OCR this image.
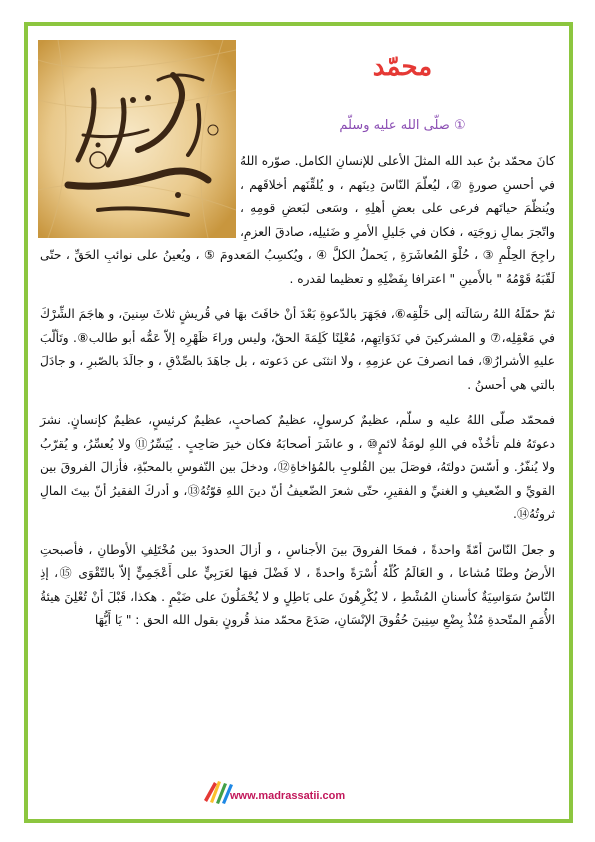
محمّد
صلّى الله عليه وسلّم ①

كانَ محمّد بنُ عبد الله المثلَ الأعلى للإنسانِ الكامل. صوّره اللهُ في أحسنِ صورةٍ ②، ليُعلّمَ النّاسَ دِينَهم ، و يُلقِّنَهم أخلاقَهم ، ويُنظّمَ حياتَهم فرعى على بعضِ أهلِهِ ، وسَعى لبَعضِ قومِهِ ، واتّجرَ بمالِ زوجَتِه ، فكان في جَليلِ الأمرِ و ضَئيلِه، صادقَ العزمِ، راجِحَ الحِلْمِ ③ ، حُلْوَ المُعاشَرَةِ , يَحملُ الكلَّ ④ ، ويُكسِبُ المَعدومَ ⑤ ، ويُعينُ على نوائبِ الحَقِّ ، حتّى لَقّبَهُ قَوْمُهُ " بالأَمينِ " اعترافا بِفَضْلِهِ و تعظيما لقدره .

ثمّ حمّلَهُ اللهُ رسَالَته إلى خَلْقِه⑥، فجَهَرَ بالدّعوةِ بَعْدَ أنْ خافَتَ بهَا في قُريشٍ ثلاثَ سِنينَ، و هاجَمَ الشِّرْكَ في مَعْقِلِه،⑦ و المشركينَ في نَدَوَاتِهِم، مُعْلِنًا كَلِمَةَ الحقّ، وليس وراءَ ظَهْرِه إلاّ عَمُّه أبو طالب⑧. وتَألّبَ عليهِ الأشرارُ⑨، فما انصرفَ عن عزمِهِ ، ولا انثنَى عن دَعوته ، بل جاهَدَ بالصِّدْقِ ، و جالَدَ بالصّبرِ ، و جادَلَ بالتي هي أحسنُ .

فمحمّد صلّى اللهُ عليه و سلّم، عظيمٌ كرسولٍ، عظيمٌ كصاحبٍ، عظيمٌ كرئيسٍ، عظيمٌ كإنسانٍ. نشرَ دعوتَهُ فلم تأخُذْه في اللهِ لومَةُ لائمٍ⑩ ، و عاشَرَ أصحابَهُ فكان خيرَ صَاحِبٍ . يُيَسِّرُ⑪ ولا يُعسِّرُ، و يُقرّبُ ولا يُنفّرُ. و أسّسَ دولتَهُ، فوصَلَ بين القُلوبِ بالمُؤاخاةِ⑫، ودخلَ بين النّفوسِ بالمحبّةِ، فأزالَ الفروقَ بين القويِّ و الضّعيفِ و الغنيِّ و الفقيرِ، حتّى شعرَ الضّعيفُ أنّ دينَ اللهِ قوّتُهُ⑬، و أدركَ الفقيرُ أنّ بيتَ المالِ ثروتُهُ⑭.

و جعلَ النّاسَ أمّةً واحدةً ، فمحَا الفروقَ بينَ الأجناسِ ، و أزالَ الحدودَ بين مُخْتَلِفِ الأوطانِ ، فأصبحتِ الأرضُ وطنًا مُشاعا ، و العَالَمُ كُلّهُ أُسْرَةً واحدةً ، لا فَضْلَ فيهَا لعَرَبِيٍّ على أَعْجَمِيٍّ إلاّ بالتّقْوَى ⑮، إذِ النّاسُ سَوَاسِيَةٌ كأسنانِ المُشْطِ ، لا يُكْرِهُونَ على بَاطِلٍ و لا يُحْمَلُونَ على ضَيْمٍ . هكذا، قَبْلَ أنْ تُعْلِنَ هيئةُ الأُمَمِ المتّحدةِ مُنْذُ بِضْعِ سِنِينَ حُقُوقَ الإنْسَانِ، صَدَعَ محمّد منذ قُرونٍ بقول الله الحق : " يَا أَيُّهَا

www.madrassatii.com
